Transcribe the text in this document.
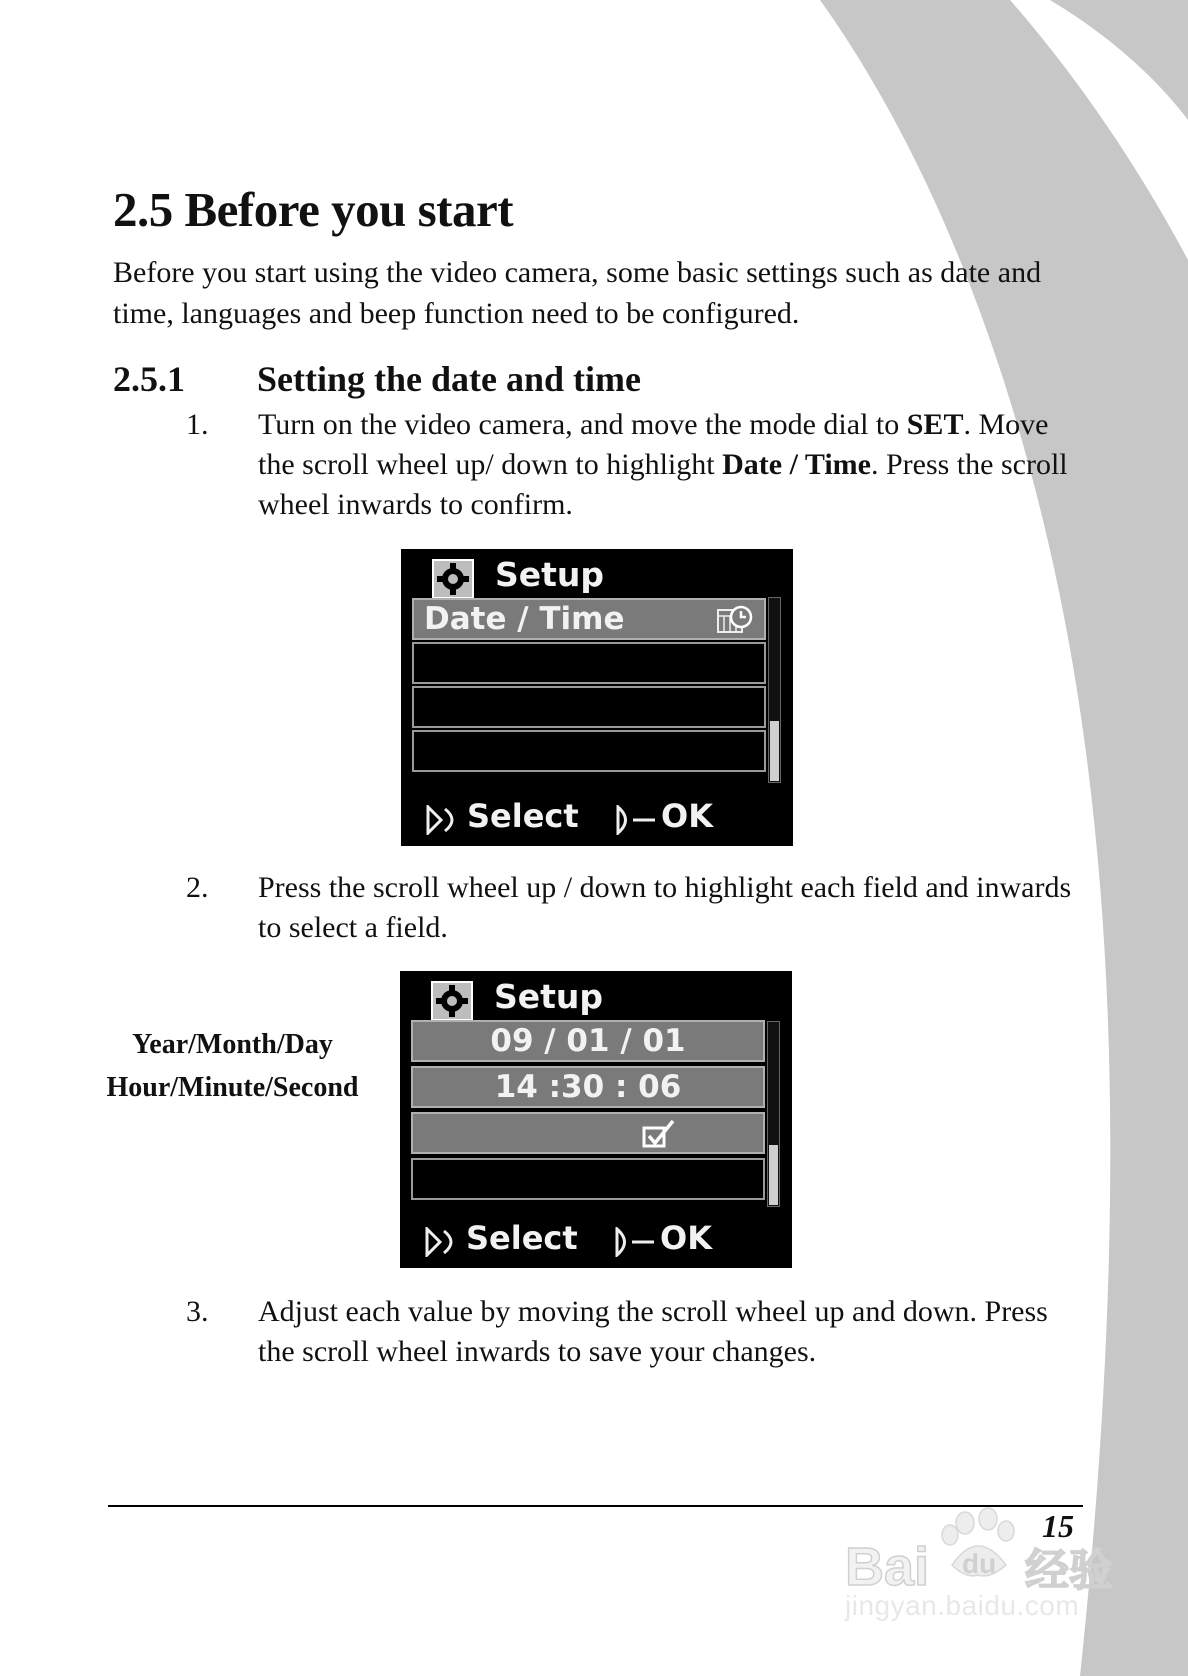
2.5 Before you start

Before you start using the video camera, some basic settings such as date and time, languages and beep function need to be configured.

2.5.1 Setting the date and time
1. Turn on the video camera, and move the mode dial to SET. Move the scroll wheel up/ down to highlight Date / Time. Press the scroll wheel inwards to confirm.
Setup
Date / Time
Select	OK
2. Press the scroll wheel up / down to highlight each field and inwards to select a field.
Year/Month/Day
Hour/Minute/Second
Setup
09 / 01 / 01
14 :30 : 06
Select	OK
3. Adjust each value by moving the scroll wheel up and down. Press the scroll wheel inwards to save your changes.
15
Bai du 经验
jingyan.baidu.com
